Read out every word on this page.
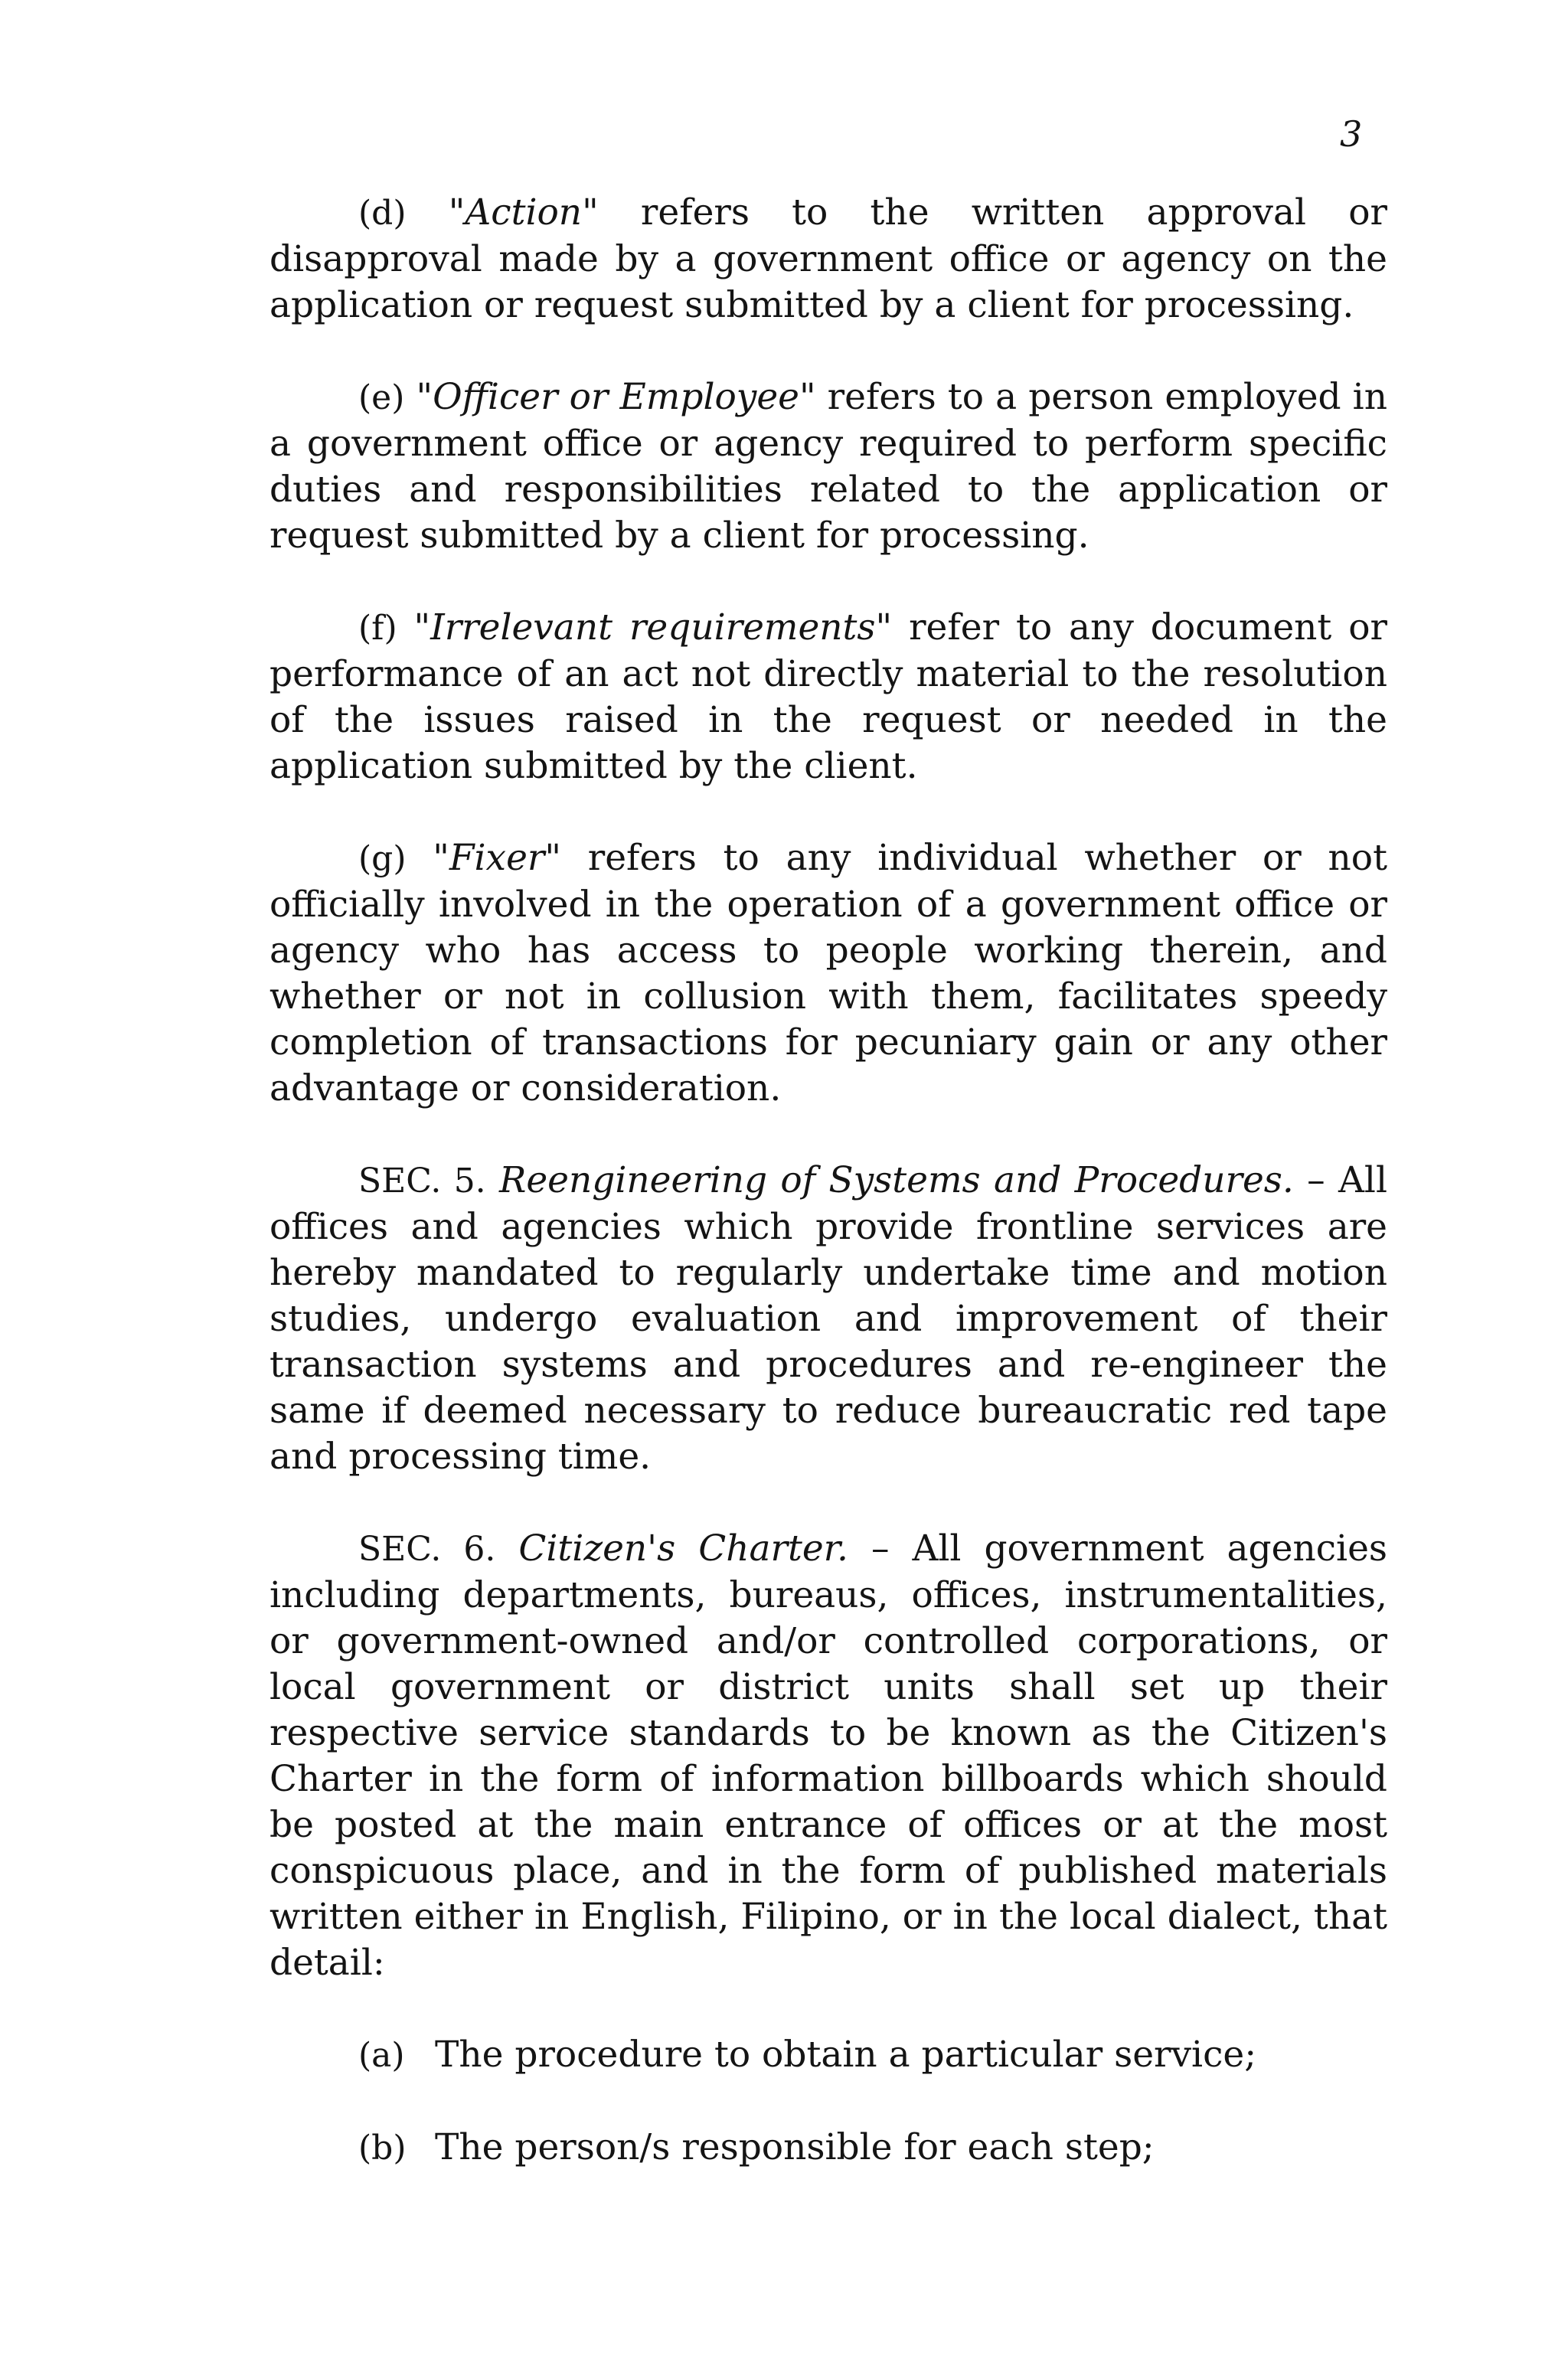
3

(d) "Action" refers to the written approval or disapproval made by a government office or agency on the application or request submitted by a client for processing.

(e) "Officer or Employee" refers to a person employed in a government office or agency required to perform specific duties and responsibilities related to the application or request submitted by a client for processing.

(f) "Irrelevant requirements" refer to any document or performance of an act not directly material to the resolution of the issues raised in the request or needed in the application submitted by the client.

(g) "Fixer" refers to any individual whether or not officially involved in the operation of a government office or agency who has access to people working therein, and whether or not in collusion with them, facilitates speedy completion of transactions for pecuniary gain or any other advantage or consideration.

SEC. 5. Reengineering of Systems and Procedures. – All offices and agencies which provide frontline services are hereby mandated to regularly undertake time and motion studies, undergo evaluation and improvement of their transaction systems and procedures and re-engineer the same if deemed necessary to reduce bureaucratic red tape and processing time.

SEC. 6. Citizen's Charter. – All government agencies including departments, bureaus, offices, instrumentalities, or government-owned and/or controlled corporations, or local government or district units shall set up their respective service standards to be known as the Citizen's Charter in the form of information billboards which should be posted at the main entrance of offices or at the most conspicuous place, and in the form of published materials written either in English, Filipino, or in the local dialect, that detail:

(a) The procedure to obtain a particular service;
(b) The person/s responsible for each step;
